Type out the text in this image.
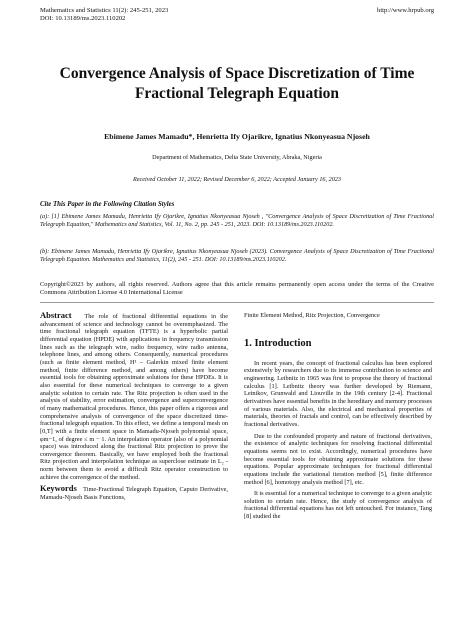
Mathematics and Statistics 11(2): 245-251, 2023
DOI: 10.13189/ms.2023.110202
http://www.hrpub.org
Convergence Analysis of Space Discretization of Time Fractional Telegraph Equation
Ebimene James Mamadu*, Henrietta Ify Ojarikre, Ignatius Nkonyeasua Njoseh
Department of Mathematics, Delta State University, Abraka, Nigeria
Received October 11, 2022; Revised December 6, 2022; Accepted January 16, 2023
Cite This Paper in the Following Citation Styles
(a): [1] Ebimene James Mamadu, Henrietta Ify Ojarikre, Ignatius Nkonyeasua Njoseh , "Convergence Analysis of Space Discretization of Time Fractional Telegraph Equation," Mathematics and Statistics, Vol. 11, No. 2, pp. 245 - 251, 2023. DOI: 10.13189/ms.2023.110202.
(b): Ebimene James Mamadu, Henrietta Ify Ojarikre, Ignatius Nkonyeasua Njoseh (2023). Convergence Analysis of Space Discretization of Time Fractional Telegraph Equation. Mathematics and Statistics, 11(2), 245 - 251. DOI: 10.13189/ms.2023.110202.
Copyright©2023 by authors, all rights reserved. Authors agree that this article remains permanently open access under the terms of the Creative Commons Attribution License 4.0 International License

Abstract The role of fractional differential equations in the advancement of science and technology cannot be overemphasized. The time fractional telegraph equation (TFTE) is a hyperbolic partial differential equation (HPDE) with applications in frequency transmission lines such as the telegraph wire, radio frequency, wire radio antenna, telephone lines, and among others. Consequently, numerical procedures (such as finite element method, H¹ – Galerkin mixed finite element method, finite difference method, and among others) have become essential tools for obtaining approximate solutions for these HPDEs. It is also essential for these numerical techniques to converge to a given analytic solution to certain rate. The Ritz projection is often used in the analysis of stability, error estimation, convergence and superconvergence of many mathematical procedures. Hence, this paper offers a rigorous and comprehensive analysis of convergence of the space discretized time-fractional telegraph equation. To this effect, we define a temporal mesh on [0,T] with a finite element space in Mamadu-Njoseh polynomial space, φm−1, of degree ≤ m − 1. An interpolation operator (also of a polynomial space) was introduced along the fractional Ritz projection to prove the convergence theorem. Basically, we have employed both the fractional Ritz projection and interpolation technique as superclose estimate in L₂ - norm between them to avoid a difficult Ritz operator construction to achieve the convergence of the method.

Keywords Time-Fractional Telegraph Equation, Caputo Derivative, Mamadu-Njoseh Basis Functions,

Finite Element Method, Ritz Projection, Convergence

1. Introduction

In recent years, the concept of fractional calculus has been explored extensively by researchers due to its immense contribution to science and engineering. Leibnitz in 1965 was first to propose the theory of fractional calculus [1]. Leibnitz theory was further developed by Riemann, Letnikov, Grunwald and Liouville in the 19th century [2-4]. Fractional derivatives have essential benefits in the hereditary and memory processes of various materials. Also, the electrical and mechanical properties of materials, theories of fractals and control, can be effectively described by fractional derivatives.

Due to the confounded property and nature of fractional derivatives, the existence of analytic techniques for resolving fractional differential equations seems not to exist. Accordingly, numerical procedures have become essential tools for obtaining approximate solutions for these equations. Popular approximate techniques for fractional differential equations include the variational iteration method [5], finite difference method [6], homotopy analysis method [7], etc.

It is essential for a numerical technique to converge to a given analytic solution to certain rate. Hence, the study of convergence analysis of fractional differential equations has not left untouched. For instance, Tang [8] studied the
